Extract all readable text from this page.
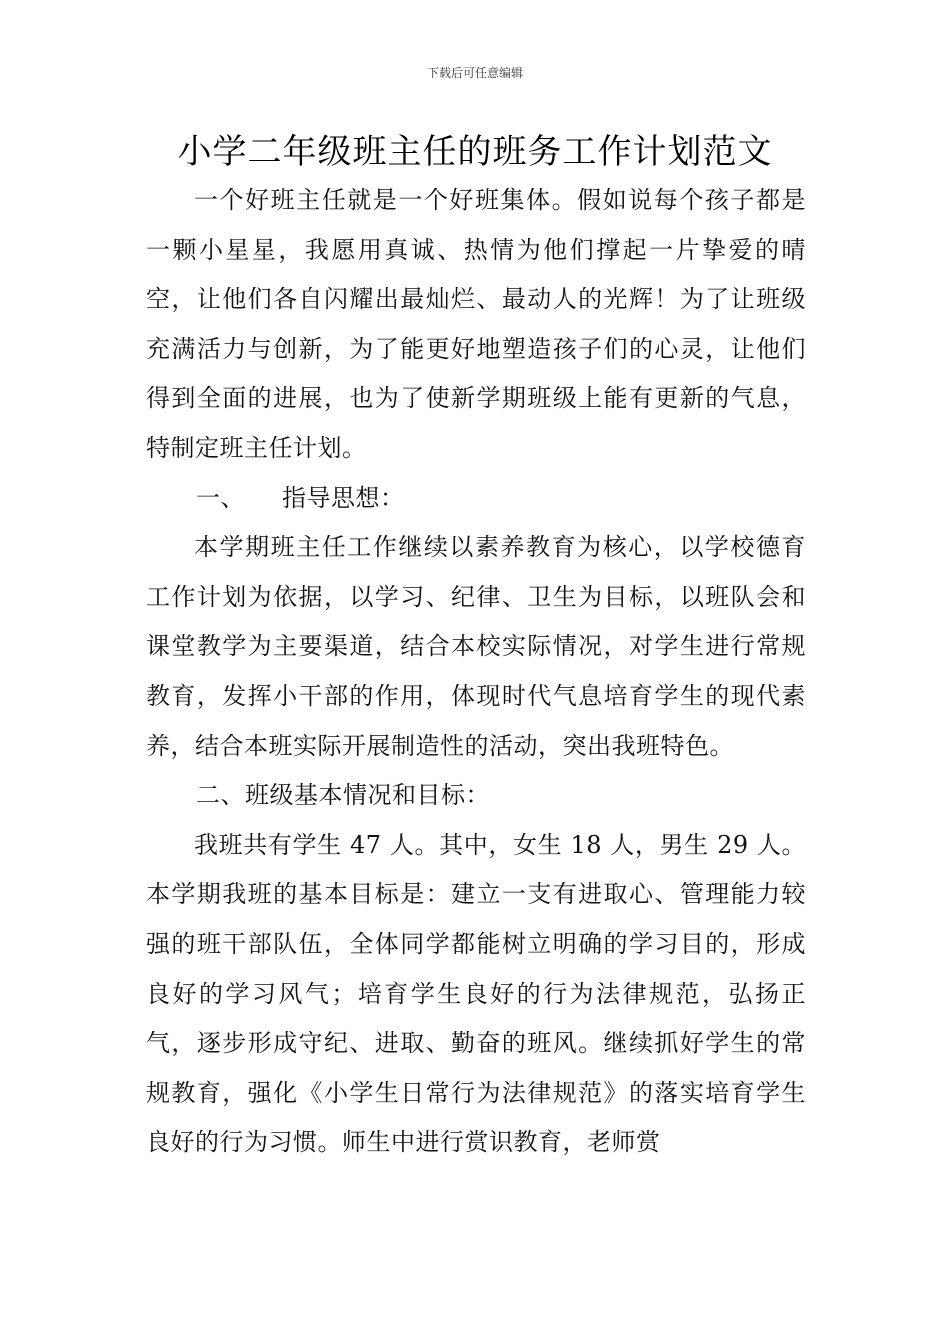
下载后可任意编辑
小学二年级班主任的班务工作计划范文

一个好班主任就是一个好班集体。假如说每个孩子都是一颗小星星，我愿用真诚、热情为他们撑起一片挚爱的晴空，让他们各自闪耀出最灿烂、最动人的光辉！为了让班级充满活力与创新，为了能更好地塑造孩子们的心灵，让他们得到全面的进展，也为了使新学期班级上能有更新的气息，特制定班主任计划。

一、　　指导思想：

本学期班主任工作继续以素养教育为核心，以学校德育工作计划为依据，以学习、纪律、卫生为目标，以班队会和课堂教学为主要渠道，结合本校实际情况，对学生进行常规教育，发挥小干部的作用，体现时代气息培育学生的现代素养，结合本班实际开展制造性的活动，突出我班特色。

二、班级基本情况和目标：

我班共有学生 47 人。其中，女生 18 人，男生 29 人。本学期我班的基本目标是：建立一支有进取心、管理能力较强的班干部队伍，全体同学都能树立明确的学习目的，形成良好的学习风气；培育学生良好的行为法律规范，弘扬正气，逐步形成守纪、进取、勤奋的班风。继续抓好学生的常规教育，强化《小学生日常行为法律规范》的落实培育学生良好的行为习惯。师生中进行赏识教育，老师赏
